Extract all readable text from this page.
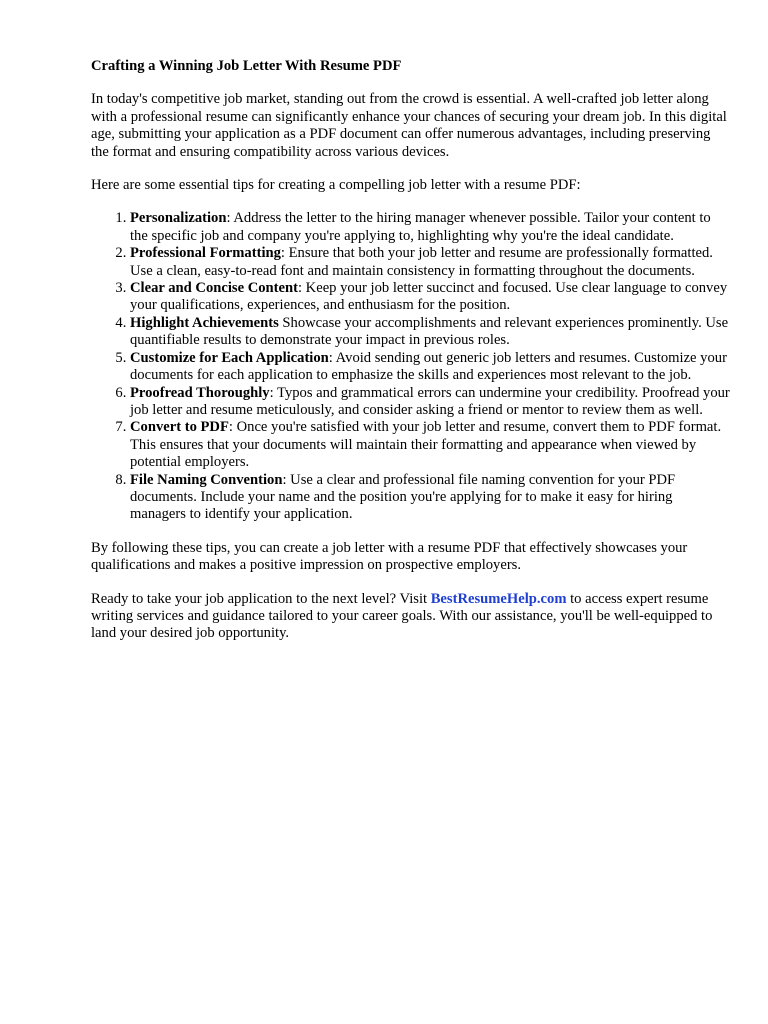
Crafting a Winning Job Letter With Resume PDF

In today's competitive job market, standing out from the crowd is essential. A well-crafted job letter along with a professional resume can significantly enhance your chances of securing your dream job. In this digital age, submitting your application as a PDF document can offer numerous advantages, including preserving the format and ensuring compatibility across various devices.

Here are some essential tips for creating a compelling job letter with a resume PDF:

1. Personalization: Address the letter to the hiring manager whenever possible. Tailor your content to the specific job and company you're applying to, highlighting why you're the ideal candidate.
2. Professional Formatting: Ensure that both your job letter and resume are professionally formatted. Use a clean, easy-to-read font and maintain consistency in formatting throughout the documents.
3. Clear and Concise Content: Keep your job letter succinct and focused. Use clear language to convey your qualifications, experiences, and enthusiasm for the position.
4. Highlight Achievements Showcase your accomplishments and relevant experiences prominently. Use quantifiable results to demonstrate your impact in previous roles.
5. Customize for Each Application: Avoid sending out generic job letters and resumes. Customize your documents for each application to emphasize the skills and experiences most relevant to the job.
6. Proofread Thoroughly: Typos and grammatical errors can undermine your credibility. Proofread your job letter and resume meticulously, and consider asking a friend or mentor to review them as well.
7. Convert to PDF: Once you're satisfied with your job letter and resume, convert them to PDF format. This ensures that your documents will maintain their formatting and appearance when viewed by potential employers.
8. File Naming Convention: Use a clear and professional file naming convention for your PDF documents. Include your name and the position you're applying for to make it easy for hiring managers to identify your application.

By following these tips, you can create a job letter with a resume PDF that effectively showcases your qualifications and makes a positive impression on prospective employers.

Ready to take your job application to the next level? Visit BestResumeHelp.com to access expert resume writing services and guidance tailored to your career goals. With our assistance, you'll be well-equipped to land your desired job opportunity.
